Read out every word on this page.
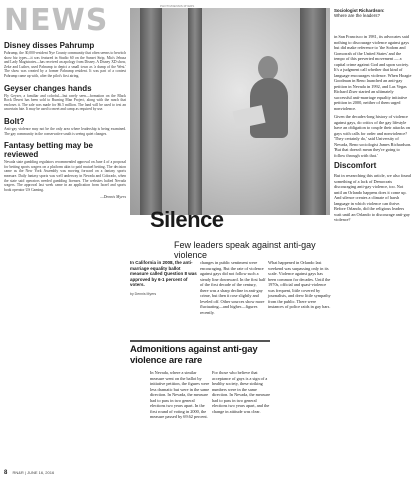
NEWS
Disney disses Pahrump
Pahrump, the 30,000-resident Nye County community that often seems to bewitch show biz types—it was featured in Studio 60 on the Sunset Strip, Mia's Jebusa and Lady Magistrates—has received an apology from Disney. A Disney XD show, Zeke and Luther, used Pahrump to depict a small town as 'a dump of the West.' The show was created by a former Pahrump resident. It was part of a contest Pahrump came up with, after the pilot's first airing.
Geyser changes hands
Fly Geyser, a familiar and colorful—but rarely seen—formation on the Black Rock Desert has been sold to Burning Man Project, along with the ranch that encloses it. The sale was made for $6.5 million. The land will be used to test an uncertain fate. It may be used to meet and camp as required by use.
Bolt?
Anti-gay violence may not be the only area where leadership is being examined. The gay community in the conservative south is seeing quiet changes.
Fantasy betting may be reviewed
Nevada state gambling regulators recommended approval on June 4 of a proposal for betting sports wagers on a platform akin to paid mutuel betting. The decision came as the New York Assembly was moving forward on a fantasy sports measure. Daily fantasy sports was well underway in Nevada and Colorado, when the state said operators needed gambling licenses. The websites halted Nevada wagers. The approval last week came in an application from Israel and sports book operator US Gaming.
—Dennis Myers
PHOTO/DENNIS MYERS
Sociologist Richardson:
Where are the leaders?

in San Francisco in 1981, its advocates said nothing to discourage violence against gays but did make reference to 'the Sodom and Gomorrah of the United States' and the tempo of this perverted movement — a capital crime against God and upon society. It's a judgment call whether that kind of language encourages violence. When Hoagie Goodman in Reno launched an anti-gay petition in Nevada in 1992, and Las Vegas Richard Ziser started an ultimately successful anti-marriage equality initiative petition in 2000, neither of them urged nonviolence.

Given the decades-long history of violence against gays, do critics of the gay lifestyle have an obligation to couple their attacks on gays with calls for order and nonviolence? 'They certainly do,' said University of Nevada, Reno sociologist James Richardson. 'But that doesn't mean they're going to follow through with that.'

Discomfort

But in researching this article, we also found something of a lack of Democrats discouraging anti-gay violence, too. Not until an Orlando happens does it come up. And silence creates a climate of harsh language in which violence can thrive. Before Orlando, did the religious leaders wait until an Orlando to discourage anti-gay violence?

Silence
Few leaders speak against anti-gay violence
In California in 2008, the anti-marriage equality ballot measure called Question 8 was approved by 6-1 percent of voters.
by Dennis Myers
changes in public sentiment were encouraging. But the rate of violence against gays did not follow such a steady line downward. In the first half of the first decade of the century, there was a sharp decline in anti-gay crime, but then it rose slightly and leveled off. Other sources show more fluctuating—and higher—figures recently.
What happened in Orlando last weekend was surpassing only in its scale. Violence against gays has been common for decades. Until the 1970s, official and quasi-violence was frequent, little covered by journalists, and drew little sympathy from the public. There were instances of police raids in gay bars.
Admonitions against anti-gay violence are rare
In Nevada, where a similar measure went on the ballot by initiative petition, the figures were less dramatic but were in the same direction. In Nevada, the measure had to pass in two general elections two years apart. In the first round of voting in 2000, the measure passed by 69.62 percent.
For those who believe that acceptance of gays is a sign of a healthy society, these striking numbers were in the same direction. In Nevada, the measure had to pass in two general elections two years apart, and the change in attitude was clear.
8 RN&R | JUNE 16, 2016
